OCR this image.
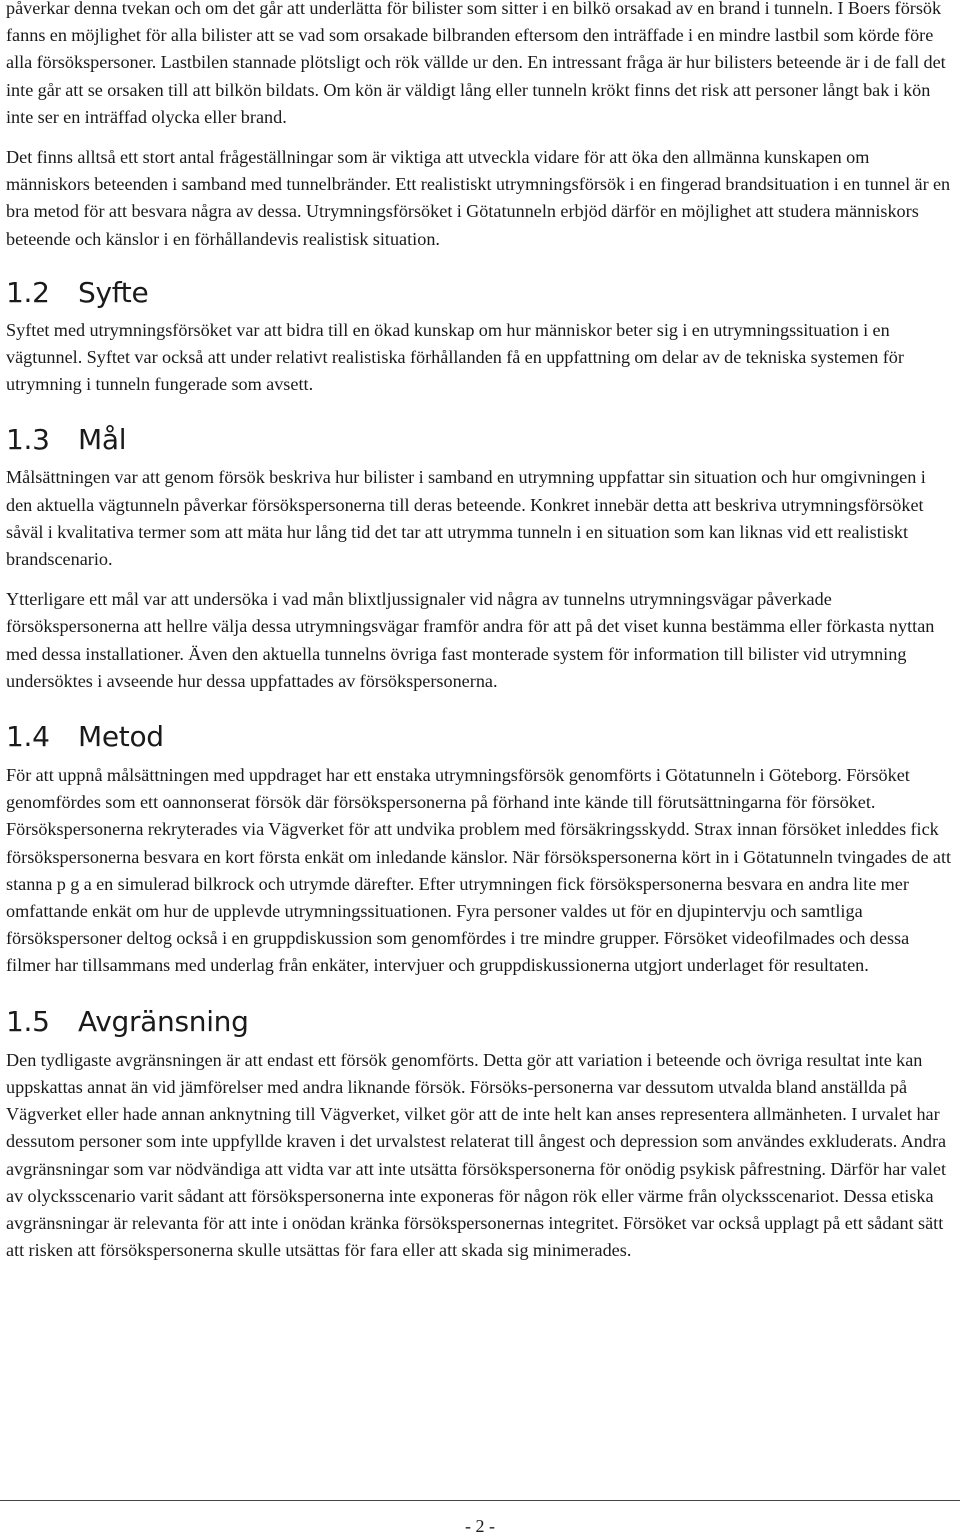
påverkar denna tvekan och om det går att underlätta för bilister som sitter i en bilkö orsakad av en brand i tunneln. I Boers försök fanns en möjlighet för alla bilister att se vad som orsakade bilbranden eftersom den inträffade i en mindre lastbil som körde före alla försökspersoner. Lastbilen stannade plötsligt och rök vällde ur den. En intressant fråga är hur bilisters beteende är i de fall det inte går att se orsaken till att bilkön bildats. Om kön är väldigt lång eller tunneln krökt finns det risk att personer långt bak i kön inte ser en inträffad olycka eller brand.

Det finns alltså ett stort antal frågeställningar som är viktiga att utveckla vidare för att öka den allmänna kunskapen om människors beteenden i samband med tunnelbränder. Ett realistiskt utrymningsförsök i en fingerad brandsituation i en tunnel är en bra metod för att besvara några av dessa. Utrymningsförsöket i Götatunneln erbjöd därför en möjlighet att studera människors beteende och känslor i en förhållandevis realistisk situation.

1.2 Syfte

Syftet med utrymningsförsöket var att bidra till en ökad kunskap om hur människor beter sig i en utrymningssituation i en vägtunnel. Syftet var också att under relativt realistiska förhållanden få en uppfattning om delar av de tekniska systemen för utrymning i tunneln fungerade som avsett.

1.3 Mål

Målsättningen var att genom försök beskriva hur bilister i samband en utrymning uppfattar sin situation och hur omgivningen i den aktuella vägtunneln påverkar försökspersonerna till deras beteende. Konkret innebär detta att beskriva utrymningsförsöket såväl i kvalitativa termer som att mäta hur lång tid det tar att utrymma tunneln i en situation som kan liknas vid ett realistiskt brandscenario.

Ytterligare ett mål var att undersöka i vad mån blixtljussignaler vid några av tunnelns utrymningsvägar påverkade försökspersonerna att hellre välja dessa utrymningsvägar framför andra för att på det viset kunna bestämma eller förkasta nyttan med dessa installationer. Även den aktuella tunnelns övriga fast monterade system för information till bilister vid utrymning undersöktes i avseende hur dessa uppfattades av försökspersonerna.

1.4 Metod

För att uppnå målsättningen med uppdraget har ett enstaka utrymningsförsök genomförts i Götatunneln i Göteborg. Försöket genomfördes som ett oannonserat försök där försökspersonerna på förhand inte kände till förutsättningarna för försöket. Försökspersonerna rekryterades via Vägverket för att undvika problem med försäkringsskydd. Strax innan försöket inleddes fick försökspersonerna besvara en kort första enkät om inledande känslor. När försökspersonerna kört in i Götatunneln tvingades de att stanna p g a en simulerad bilkrock och utrymde därefter. Efter utrymningen fick försökspersonerna besvara en andra lite mer omfattande enkät om hur de upplevde utrymningssituationen. Fyra personer valdes ut för en djupintervju och samtliga försökspersoner deltog också i en gruppdiskussion som genomfördes i tre mindre grupper. Försöket videofilmades och dessa filmer har tillsammans med underlag från enkäter, intervjuer och gruppdiskussionerna utgjort underlaget för resultaten.

1.5 Avgränsning

Den tydligaste avgränsningen är att endast ett försök genomförts. Detta gör att variation i beteende och övriga resultat inte kan uppskattas annat än vid jämförelser med andra liknande försök. Försöks-personerna var dessutom utvalda bland anställda på Vägverket eller hade annan anknytning till Vägverket, vilket gör att de inte helt kan anses representera allmänheten. I urvalet har dessutom personer som inte uppfyllde kraven i det urvalstest relaterat till ångest och depression som användes exkluderats. Andra avgränsningar som var nödvändiga att vidta var att inte utsätta försökspersonerna för onödig psykisk påfrestning. Därför har valet av olycksscenario varit sådant att försökspersonerna inte exponeras för någon rök eller värme från olycksscenariot. Dessa etiska avgränsningar är relevanta för att inte i onödan kränka försökspersonernas integritet. Försöket var också upplagt på ett sådant sätt att risken att försökspersonerna skulle utsättas för fara eller att skada sig minimerades.

- 2 -
